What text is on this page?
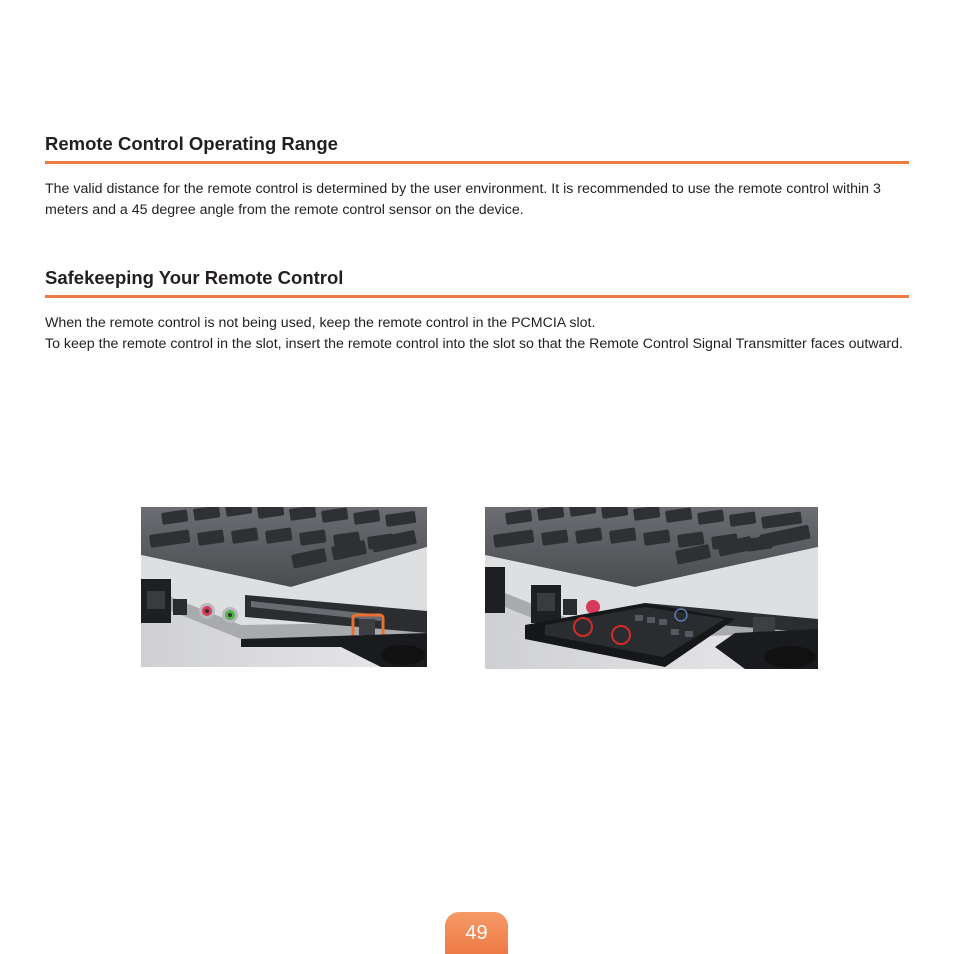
Remote Control Operating Range

The valid distance for the remote control is determined by the user environment. It is recommended to use the remote control within 3 meters and a 45 degree angle from the remote control sensor on the device.

Safekeeping Your Remote Control

When the remote control is not being used, keep the remote control in the PCMCIA slot.

To keep the remote control in the slot, insert the remote control into the slot so that the Remote Control Signal Transmitter faces outward.

49
